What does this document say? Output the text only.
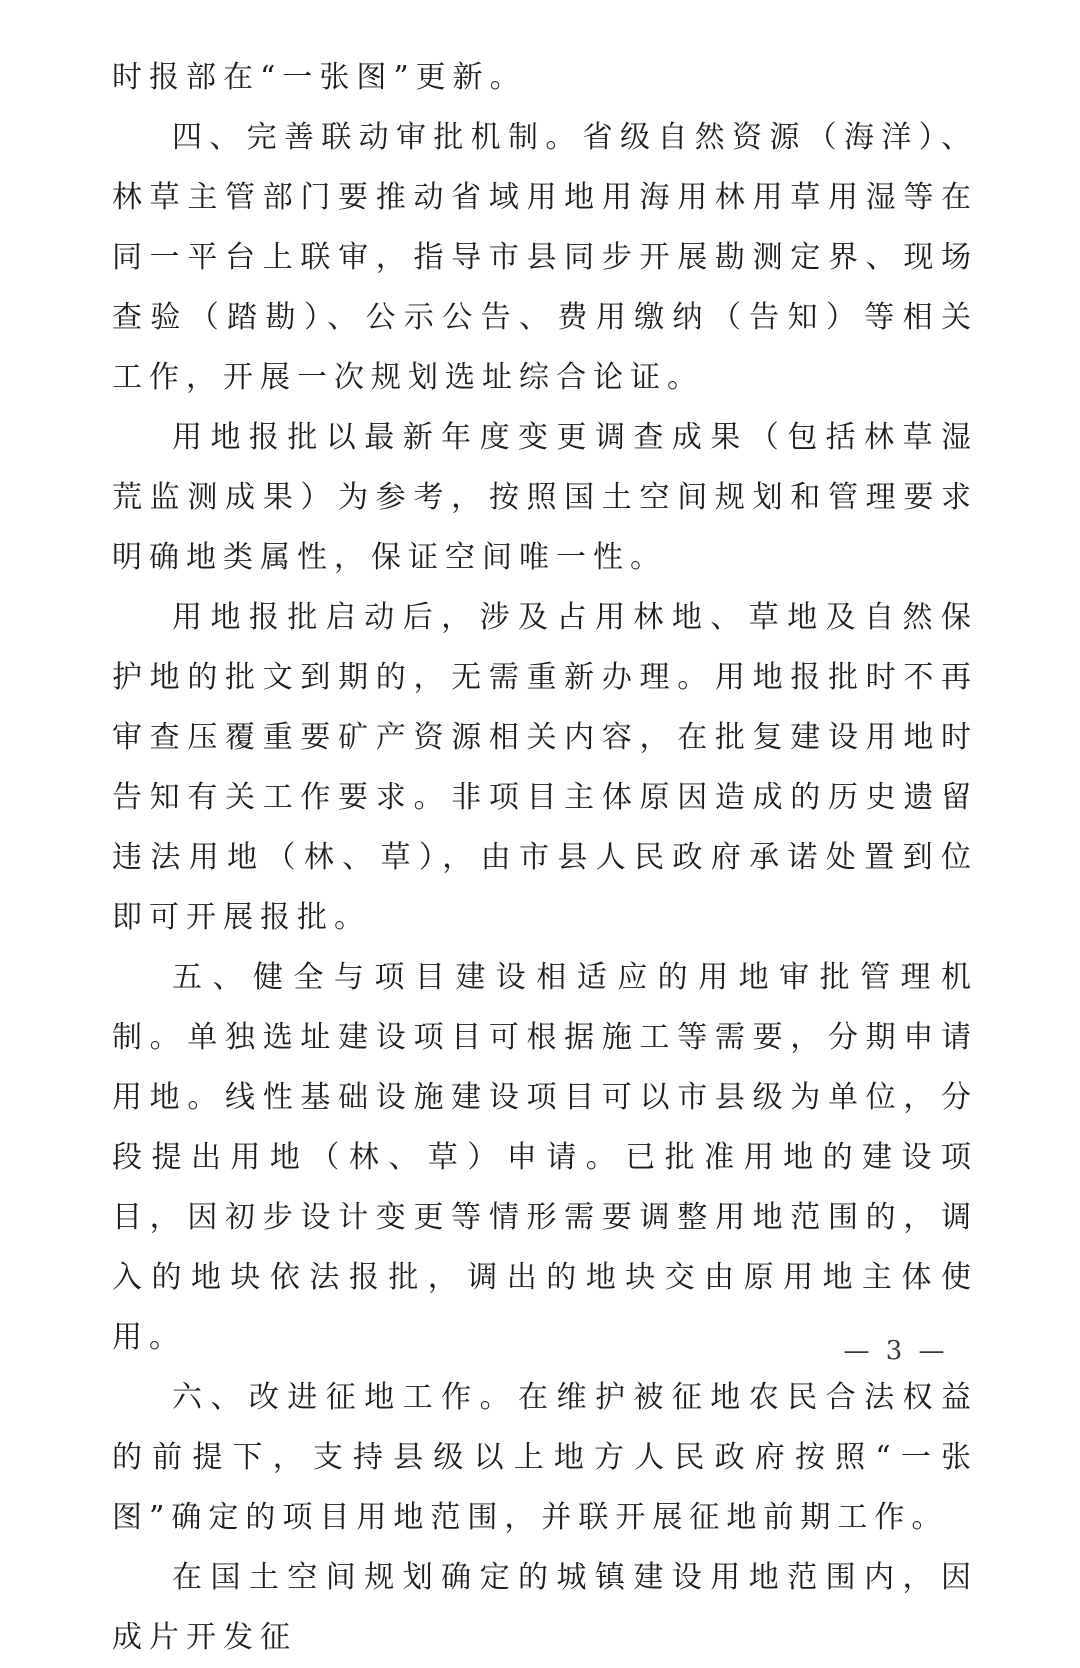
时报部在“一张图”更新。

四、完善联动审批机制。省级自然资源（海洋）、林草主管部门要推动省域用地用海用林用草用湿等在同一平台上联审，指导市县同步开展勘测定界、现场查验（踏勘）、公示公告、费用缴纳（告知）等相关工作，开展一次规划选址综合论证。

用地报批以最新年度变更调查成果（包括林草湿荒监测成果）为参考，按照国土空间规划和管理要求明确地类属性，保证空间唯一性。

用地报批启动后，涉及占用林地、草地及自然保护地的批文到期的，无需重新办理。用地报批时不再审查压覆重要矿产资源相关内容，在批复建设用地时告知有关工作要求。非项目主体原因造成的历史遗留违法用地（林、草），由市县人民政府承诺处置到位即可开展报批。

五、健全与项目建设相适应的用地审批管理机制。单独选址建设项目可根据施工等需要，分期申请用地。线性基础设施建设项目可以市县级为单位，分段提出用地（林、草）申请。已批准用地的建设项目，因初步设计变更等情形需要调整用地范围的，调入的地块依法报批，调出的地块交由原用地主体使用。

六、改进征地工作。在维护被征地农民合法权益的前提下，支持县级以上地方人民政府按照“一张图”确定的项目用地范围，并联开展征地前期工作。

在国土空间规划确定的城镇建设用地范围内，因成片开发征

— 3 —
